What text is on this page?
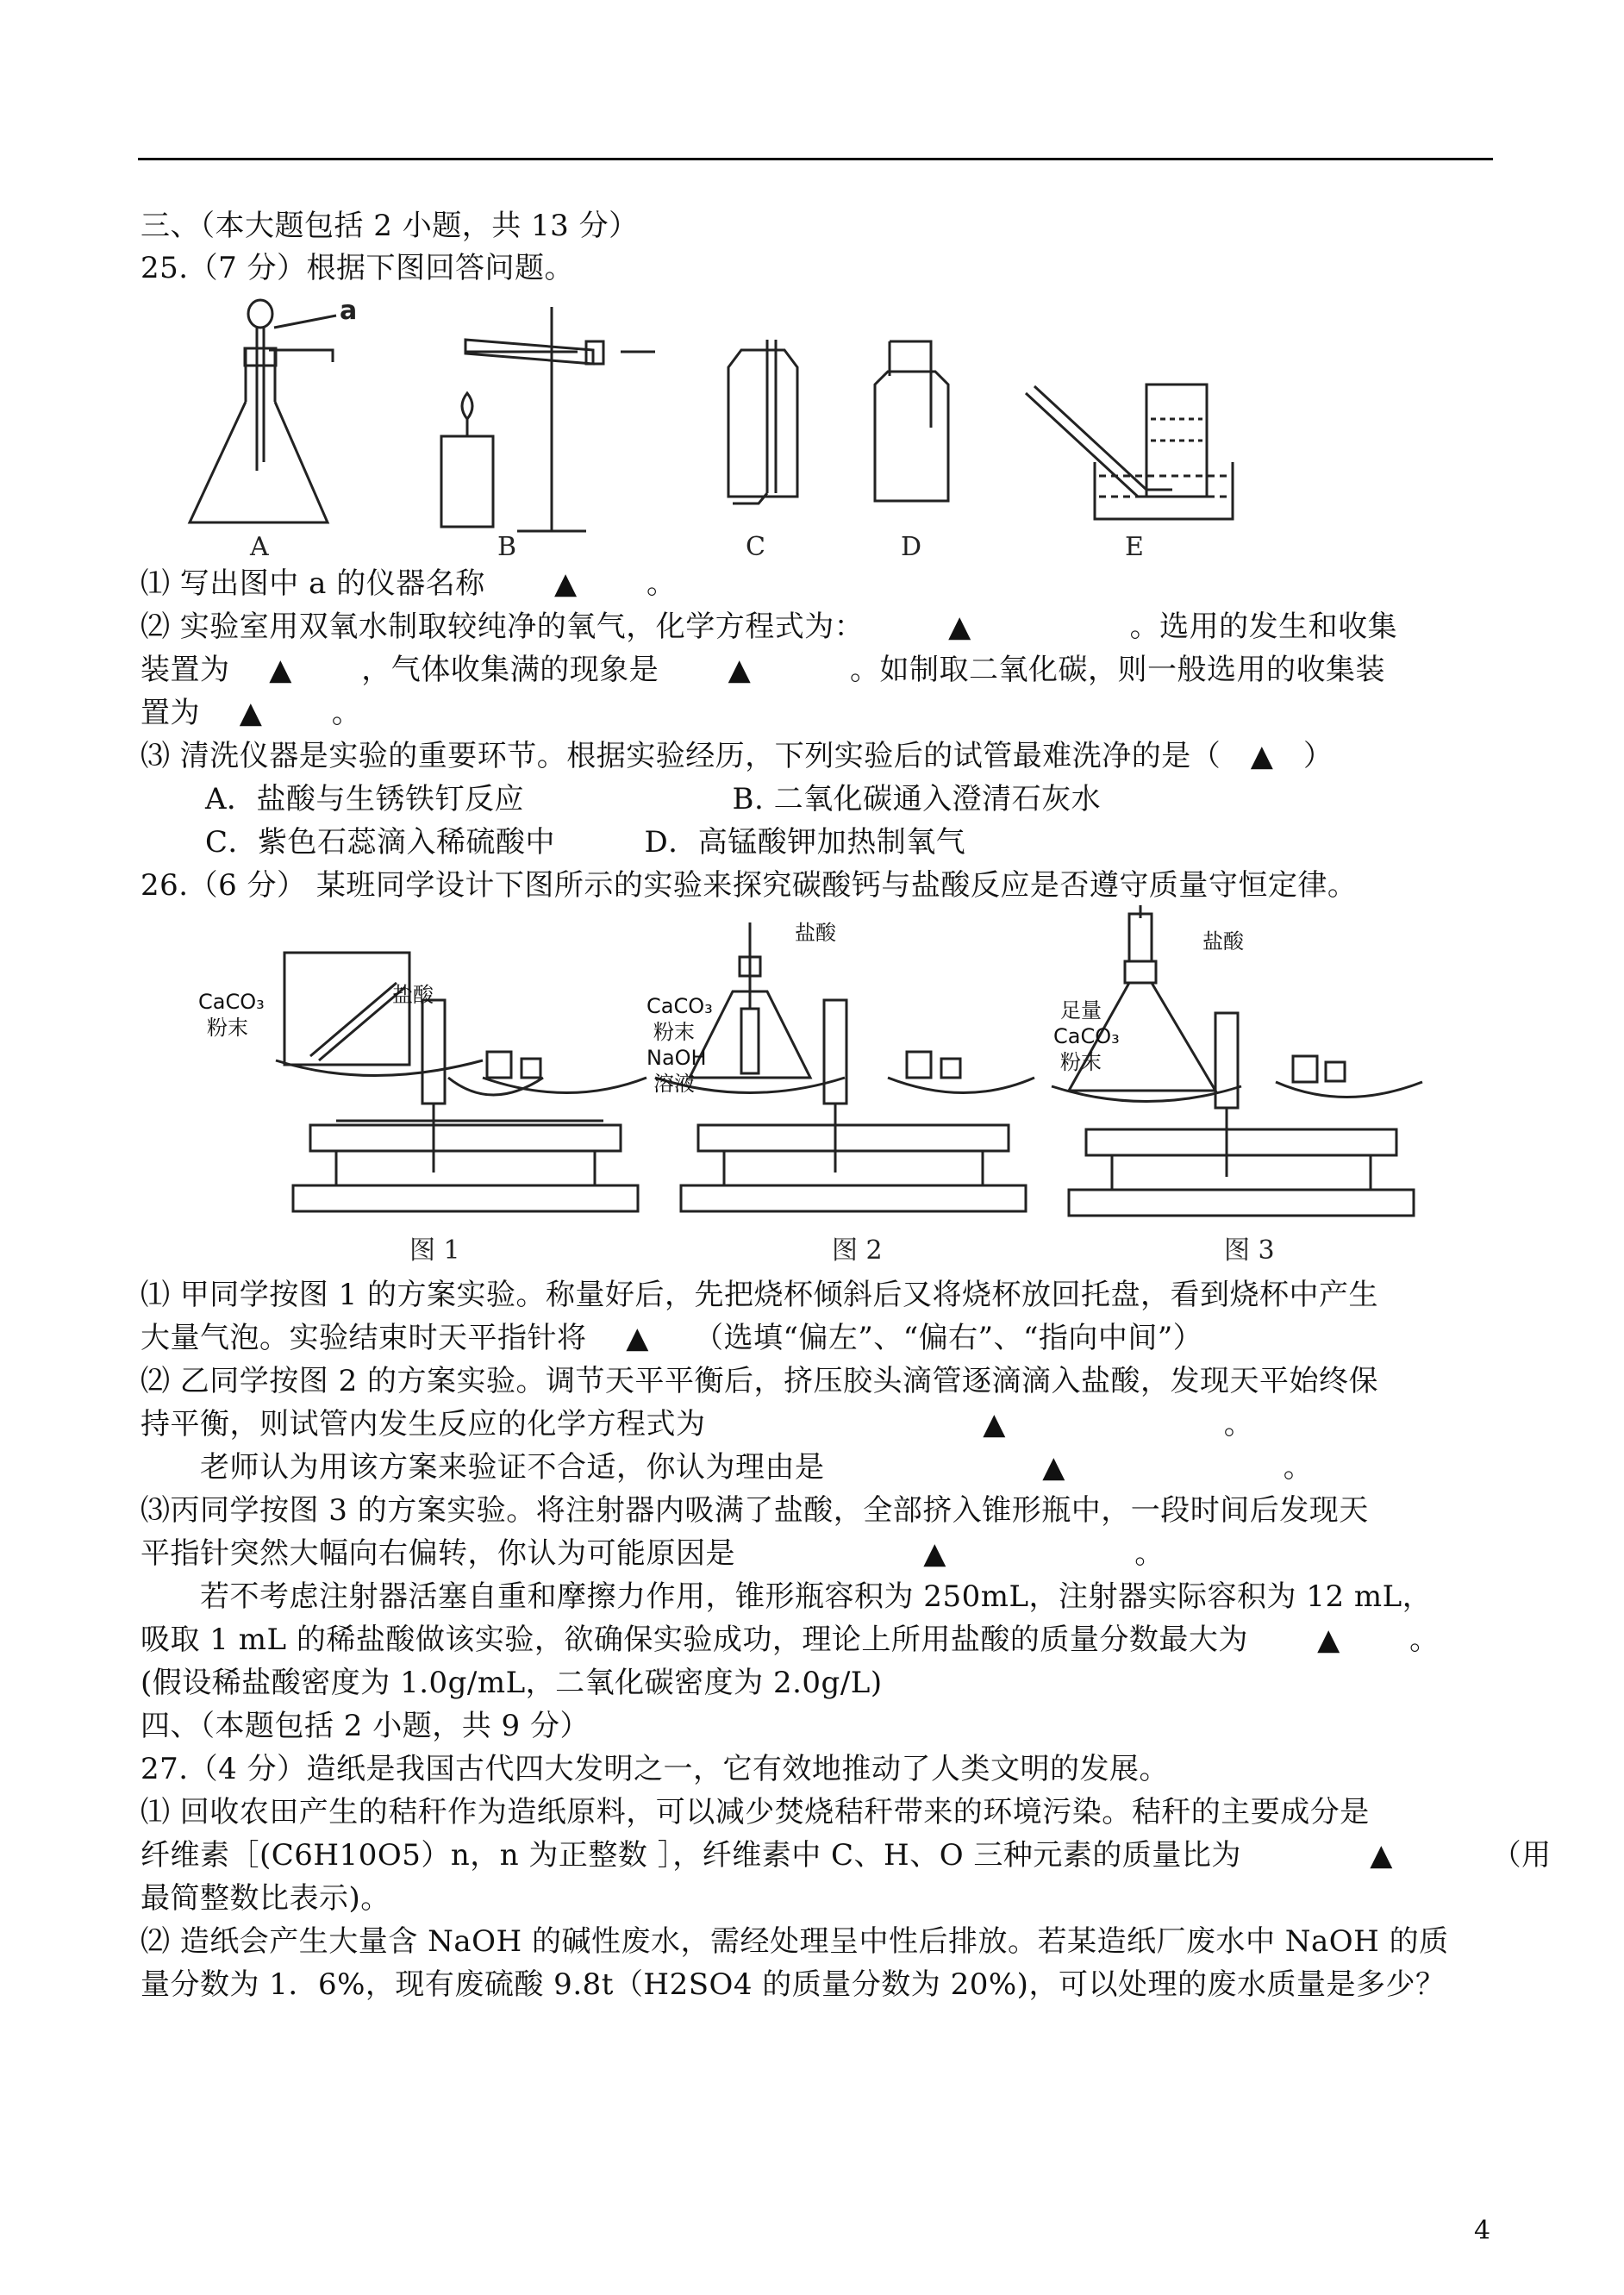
三、（本大题包括 2 小题，共 13 分）
25.（7 分）根据下图回答问题。
a
A	B	C	D	E
⑴ 写出图中 a 的仪器名称　　 ▲　　 。
⑵ 实验室用双氧水制取较纯净的氧气，化学方程式为：　　　 ▲　　　　　 。选用的发生和收集
装置为　 ▲　　 ，气体收集满的现象是　　 ▲　　　 。如制取二氧化碳，则一般选用的收集装
置为　 ▲　　 。
⑶ 清洗仪器是实验的重要环节。根据实验经历，下列实验后的试管最难洗净的是（　▲　）
A．盐酸与生锈铁钉反应　　　　　　　B. 二氧化碳通入澄清石灰水
C．紫色石蕊滴入稀硫酸中　　　D．高锰酸钾加热制氧气
26.（6 分） 某班同学设计下图所示的实验来探究碳酸钙与盐酸反应是否遵守质量守恒定律。
CaCO₃
粉末
盐酸
盐酸
CaCO₃
粉末
NaOH
溶液
盐酸
足量
CaCO₃
粉末
图 1	图 2	图 3
⑴ 甲同学按图 1 的方案实验。称量好后，先把烧杯倾斜后又将烧杯放回托盘，看到烧杯中产生
大量气泡。实验结束时天平指针将　 ▲　　（选填“偏左”、“偏右”、“指向中间”）
⑵ 乙同学按图 2 的方案实验。调节天平平衡后，挤压胶头滴管逐滴滴入盐酸，发现天平始终保
持平衡，则试管内发生反应的化学方程式为　　　　　　　　　 ▲　　　　　　　 。
　　老师认为用该方案来验证不合适，你认为理由是　　　　　　　 ▲　　　　　　　 。
⑶丙同学按图 3 的方案实验。将注射器内吸满了盐酸，全部挤入锥形瓶中，一段时间后发现天
平指针突然大幅向右偏转，你认为可能原因是　　　　　　 ▲　　　　　　 。
　　若不考虑注射器活塞自重和摩擦力作用，锥形瓶容积为 250mL，注射器实际容积为 12 mL，
吸取 1 mL 的稀盐酸做该实验，欲确保实验成功，理论上所用盐酸的质量分数最大为　　 ▲　　 。
(假设稀盐酸密度为 1.0g/mL，二氧化碳密度为 2.0g/L)
四、（本题包括 2 小题，共 9 分）
27.（4 分）造纸是我国古代四大发明之一，它有效地推动了人类文明的发展。
⑴ 回收农田产生的秸秆作为造纸原料，可以减少焚烧秸秆带来的环境污染。秸秆的主要成分是
纤维素［(C6H10O5）n，n 为正整数 ］，纤维素中 C、H、O 三种元素的质量比为　　　　 ▲　　　 （用
最简整数比表示)。
⑵ 造纸会产生大量含 NaOH 的碱性废水，需经处理呈中性后排放。若某造纸厂废水中 NaOH 的质
量分数为 1．6%，现有废硫酸 9.8t（H2SO4 的质量分数为 20%)，可以处理的废水质量是多少？
4
